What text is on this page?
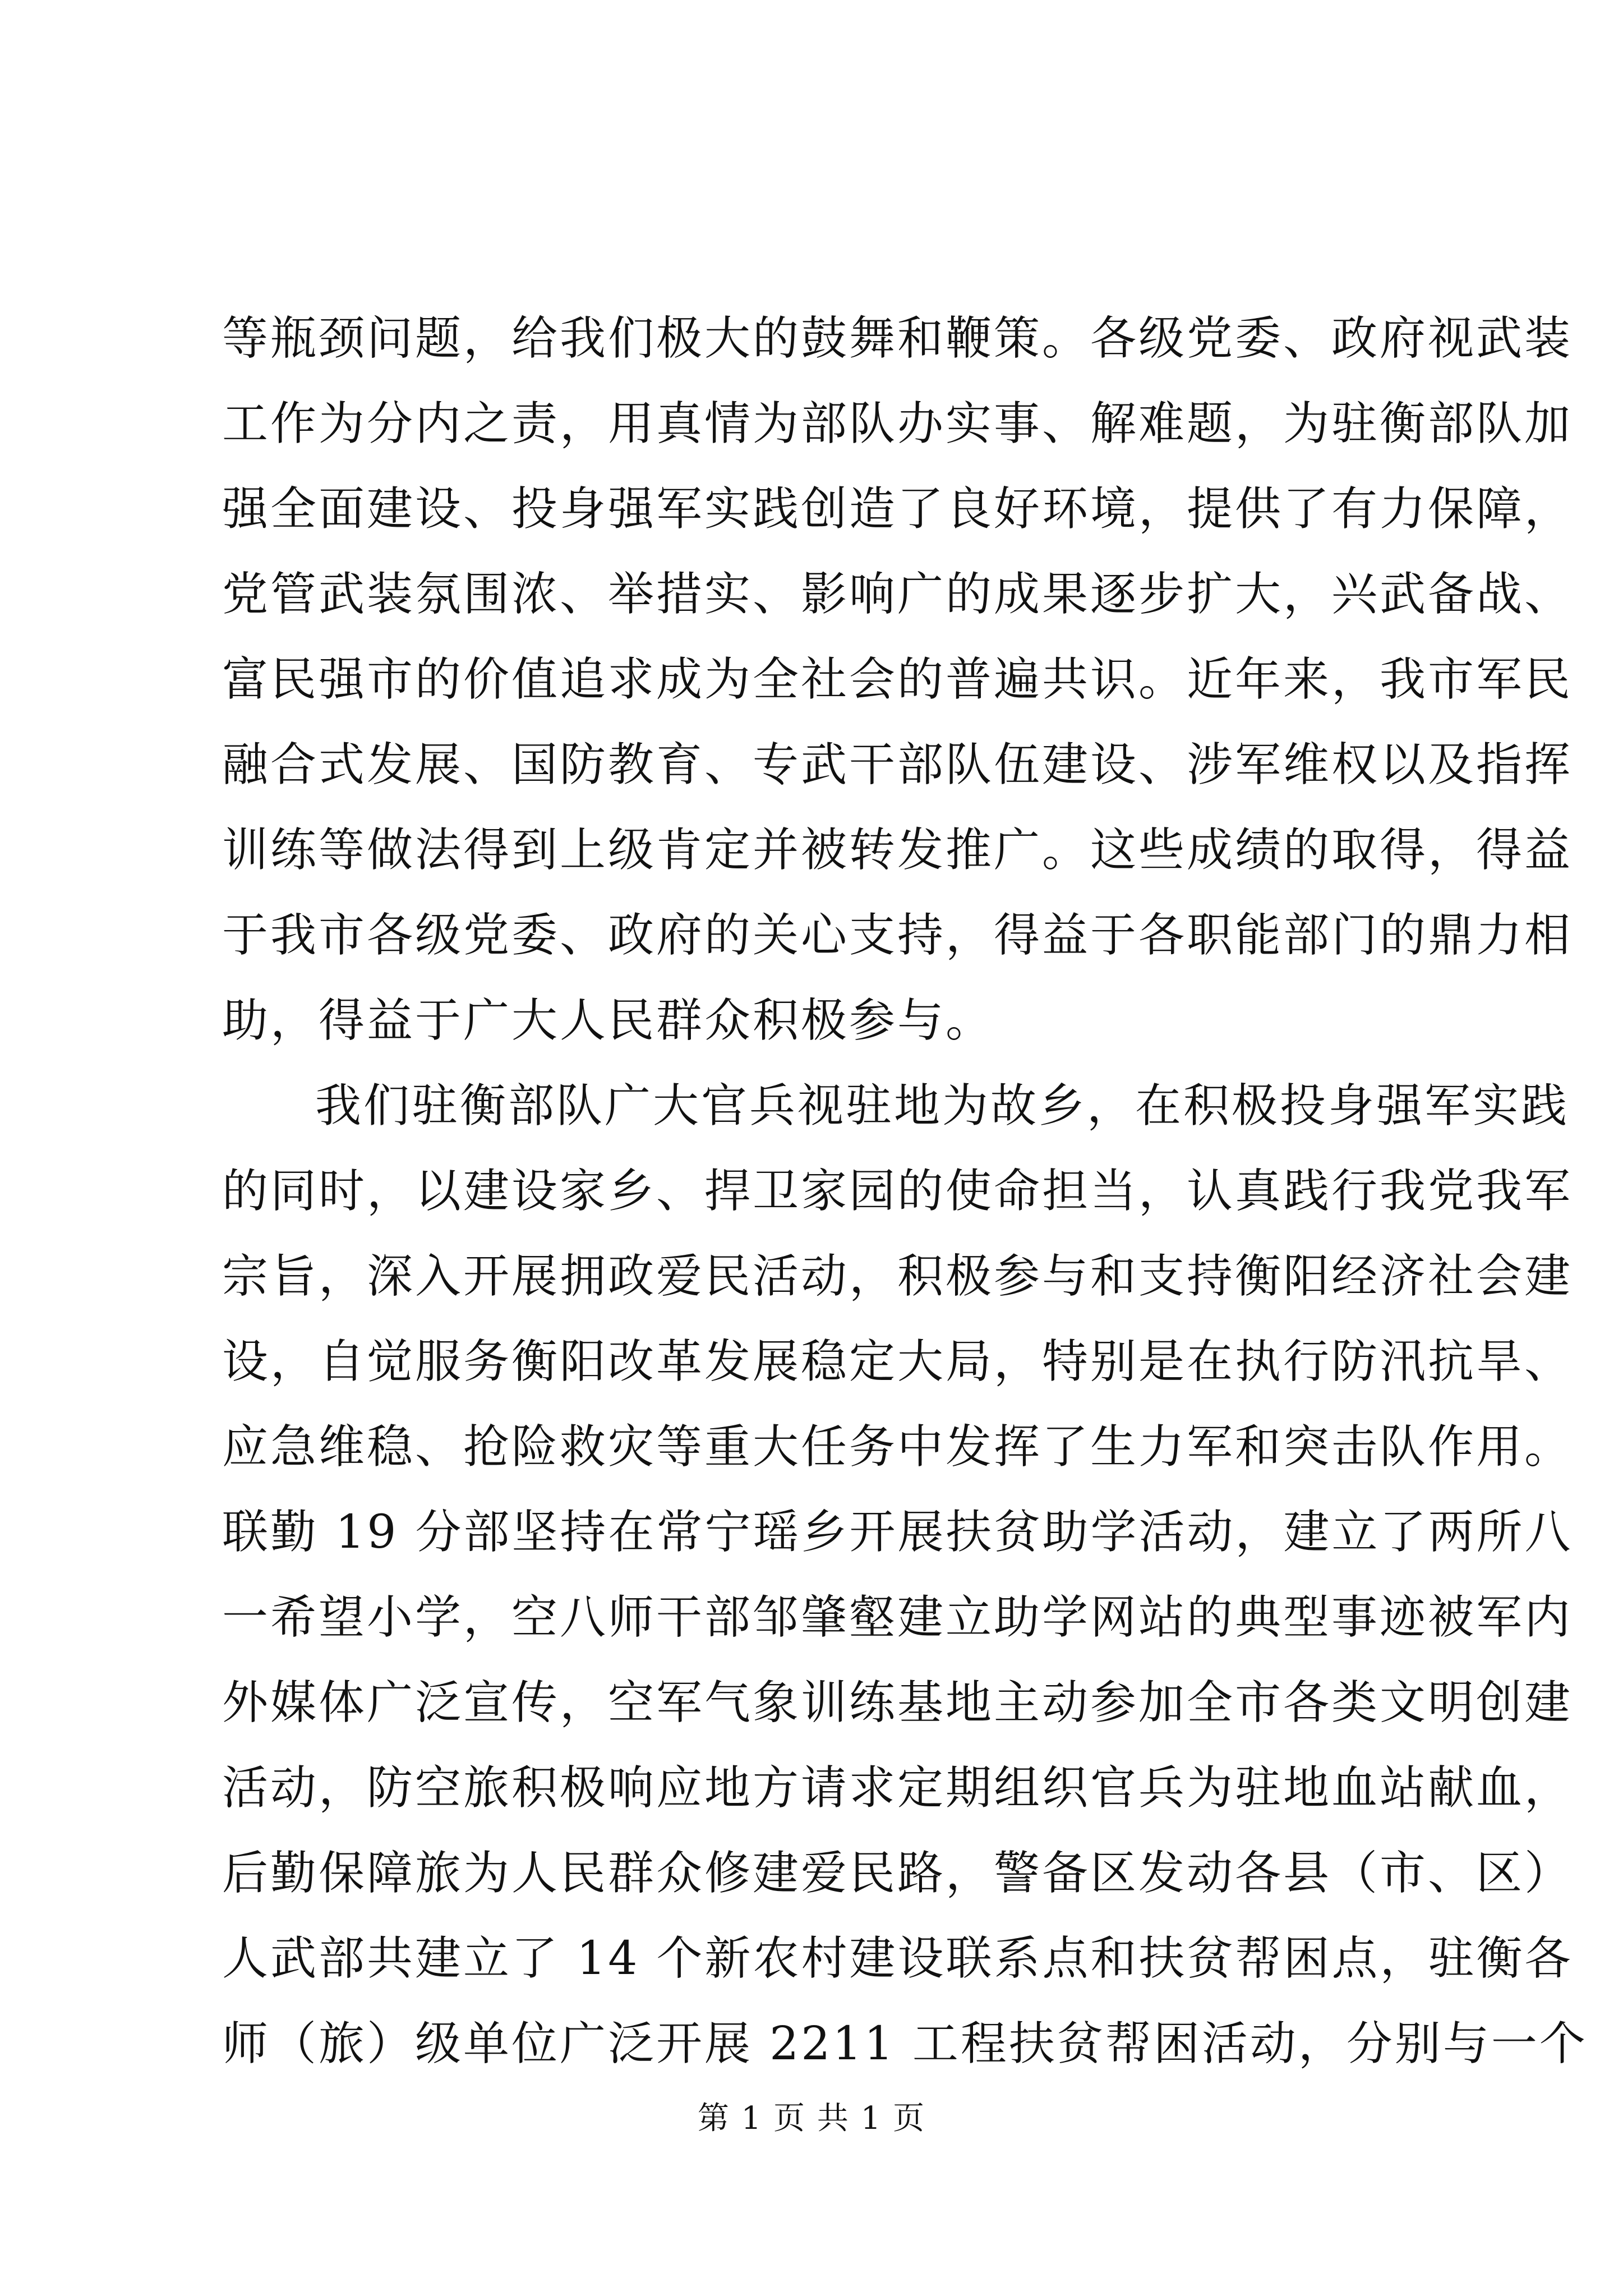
等瓶颈问题，给我们极大的鼓舞和鞭策。各级党委、政府视武装
工作为分内之责，用真情为部队办实事、解难题，为驻衡部队加
强全面建设、投身强军实践创造了良好环境，提供了有力保障，
党管武装氛围浓、举措实、影响广的成果逐步扩大，兴武备战、
富民强市的价值追求成为全社会的普遍共识。近年来，我市军民
融合式发展、国防教育、专武干部队伍建设、涉军维权以及指挥
训练等做法得到上级肯定并被转发推广。这些成绩的取得，得益
于我市各级党委、政府的关心支持，得益于各职能部门的鼎力相
助，得益于广大人民群众积极参与。
我们驻衡部队广大官兵视驻地为故乡，在积极投身强军实践
的同时，以建设家乡、捍卫家园的使命担当，认真践行我党我军
宗旨，深入开展拥政爱民活动，积极参与和支持衡阳经济社会建
设，自觉服务衡阳改革发展稳定大局，特别是在执行防汛抗旱、
应急维稳、抢险救灾等重大任务中发挥了生力军和突击队作用。
联勤 19 分部坚持在常宁瑶乡开展扶贫助学活动，建立了两所八
一希望小学，空八师干部邹肇壑建立助学网站的典型事迹被军内
外媒体广泛宣传，空军气象训练基地主动参加全市各类文明创建
活动，防空旅积极响应地方请求定期组织官兵为驻地血站献血，
后勤保障旅为人民群众修建爱民路，警备区发动各县（市、区）
人武部共建立了 14 个新农村建设联系点和扶贫帮困点，驻衡各
师（旅）级单位广泛开展 2211 工程扶贫帮困活动，分别与一个
第 1 页 共 1 页
